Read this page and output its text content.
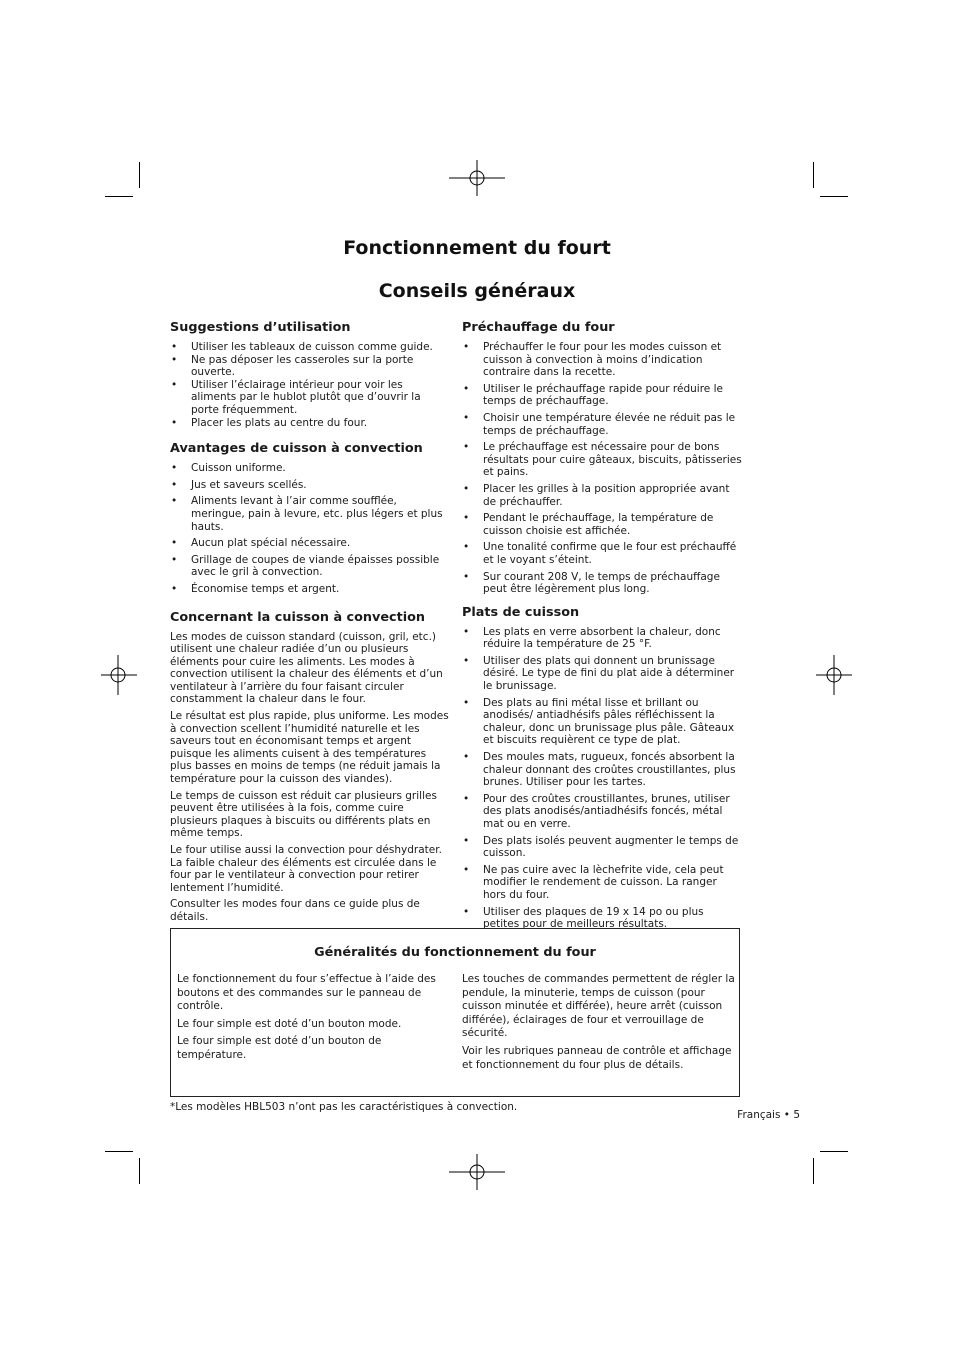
Fonctionnement du fourt
Conseils généraux
Suggestions d’utilisation
• Utiliser les tableaux de cuisson comme guide.
• Ne pas déposer les casseroles sur la porte ouverte.
• Utiliser l’éclairage intérieur pour voir les aliments par le hublot plutôt que d’ouvrir la porte fréquemment.
• Placer les plats au centre du four.
Avantages de cuisson à convection
• Cuisson uniforme.
• Jus et saveurs scellés.
• Aliments levant à l’air comme soufflée, meringue, pain à levure, etc. plus légers et plus hauts.
• Aucun plat spécial nécessaire.
• Grillage de coupes de viande épaisses possible avec le gril à convection.
• Économise temps et argent.
Concernant la cuisson à convection

Les modes de cuisson standard (cuisson, gril, etc.) utilisent une chaleur radiée d’un ou plusieurs éléments pour cuire les aliments. Les modes à convection utilisent la chaleur des éléments et d’un ventilateur à l’arrière du four faisant circuler constamment la chaleur dans le four.

Le résultat est plus rapide, plus uniforme. Les modes à convection scellent l’humidité naturelle et les saveurs tout en économisant temps et argent puisque les aliments cuisent à des températures plus basses en moins de temps (ne réduit jamais la température pour la cuisson des viandes).

Le temps de cuisson est réduit car plusieurs grilles peuvent être utilisées à la fois, comme cuire plusieurs plaques à biscuits ou différents plats en même temps.

Le four utilise aussi la convection pour déshydrater. La faible chaleur des éléments est circulée dans le four par le ventilateur à convection pour retirer lentement l’humidité.

Consulter les modes four dans ce guide plus de détails.

Préchauffage du four
• Préchauffer le four pour les modes cuisson et cuisson à convection à moins d’indication contraire dans la recette.
• Utiliser le préchauffage rapide pour réduire le temps de préchauffage.
• Choisir une température élevée ne réduit pas le temps de préchauffage.
• Le préchauffage est nécessaire pour de bons résultats pour cuire gâteaux, biscuits, pâtisseries et pains.
• Placer les grilles à la position appropriée avant de préchauffer.
• Pendant le préchauffage, la température de cuisson choisie est affichée.
• Une tonalité confirme que le four est préchauffé et le voyant s’éteint.
• Sur courant 208 V, le temps de préchauffage peut être légèrement plus long.
Plats de cuisson
• Les plats en verre absorbent la chaleur, donc réduire la température de 25 °F.
• Utiliser des plats qui donnent un brunissage désiré. Le type de fini du plat aide à déterminer le brunissage.
• Des plats au fini métal lisse et brillant ou anodisés/ antiadhésifs pâles réfléchissent la chaleur, donc un brunissage plus pâle. Gâteaux et biscuits requièrent ce type de plat.
• Des moules mats, rugueux, foncés absorbent la chaleur donnant des croûtes croustillantes, plus brunes. Utiliser pour les tartes.
• Pour des croûtes croustillantes, brunes, utiliser des plats anodisés/antiadhésifs foncés, métal mat ou en verre.
• Des plats isolés peuvent augmenter le temps de cuisson.
• Ne pas cuire avec la lèchefrite vide, cela peut modifier le rendement de cuisson. La ranger hors du four.
• Utiliser des plaques de 19 x 14 po ou plus petites pour de meilleurs résultats.
Généralités du fonctionnement du four

Le fonctionnement du four s’effectue à l’aide des boutons et des commandes sur le panneau de contrôle.

Le four simple est doté d’un bouton mode.

Le four simple est doté d’un bouton de température.

Les touches de commandes permettent de régler la pendule, la minuterie, temps de cuisson (pour cuisson minutée et différée), heure arrêt (cuisson différée), éclairages de four et verrouillage de sécurité.

Voir les rubriques panneau de contrôle et affichage et fonctionnement du four plus de détails.

*Les modèles HBL503 n’ont pas les caractéristiques à convection.
Français • 5
